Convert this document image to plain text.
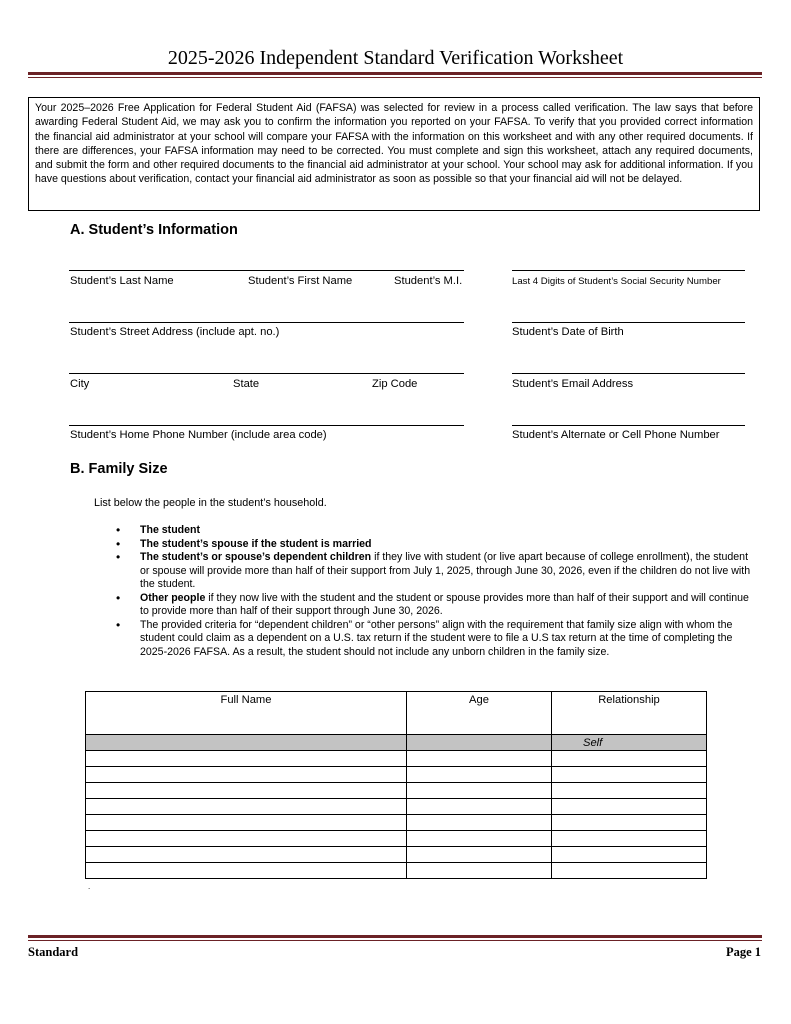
2025-2026 Independent Standard Verification Worksheet

Your 2025–2026 Free Application for Federal Student Aid (FAFSA) was selected for review in a process called verification. The law says that before awarding Federal Student Aid, we may ask you to confirm the information you reported on your FAFSA. To verify that you provided correct information the financial aid administrator at your school will compare your FAFSA with the information on this worksheet and with any other required documents. If there are differences, your FAFSA information may need to be corrected. You must complete and sign this worksheet, attach any required documents, and submit the form and other required documents to the financial aid administrator at your school. Your school may ask for additional information. If you have questions about verification, contact your financial aid administrator as soon as possible so that your financial aid will not be delayed.

A. Student’s Information
Student’s Last Name	Student’s First Name	Student’s M.I.	Last 4 Digits of Student’s Social Security Number
Student’s Street Address (include apt. no.)	Student’s Date of Birth
City	State	Zip Code	Student’s Email Address
Student’s Home Phone Number (include area code)	Student’s Alternate or Cell Phone Number
B. Family Size
List below the people in the student’s household.
• The student
• The student’s spouse if the student is married
• The student’s or spouse’s dependent children if they live with student (or live apart because of college enrollment), the student or spouse will provide more than half of their support from July 1, 2025, through June 30, 2026, even if the children do not live with the student.
• Other people if they now live with the student and the student or spouse provides more than half of their support and will continue to provide more than half of their support through June 30, 2026.
• The provided criteria for “dependent children” or “other persons” align with the requirement that family size align with whom the student could claim as a dependent on a U.S. tax return if the student were to file a U.S tax return at the time of completing the 2025-2026 FAFSA. As a result, the student should not include any unborn children in the family size.
Full Name	Age	Relationship
		Self

.
Standard	Page 1
